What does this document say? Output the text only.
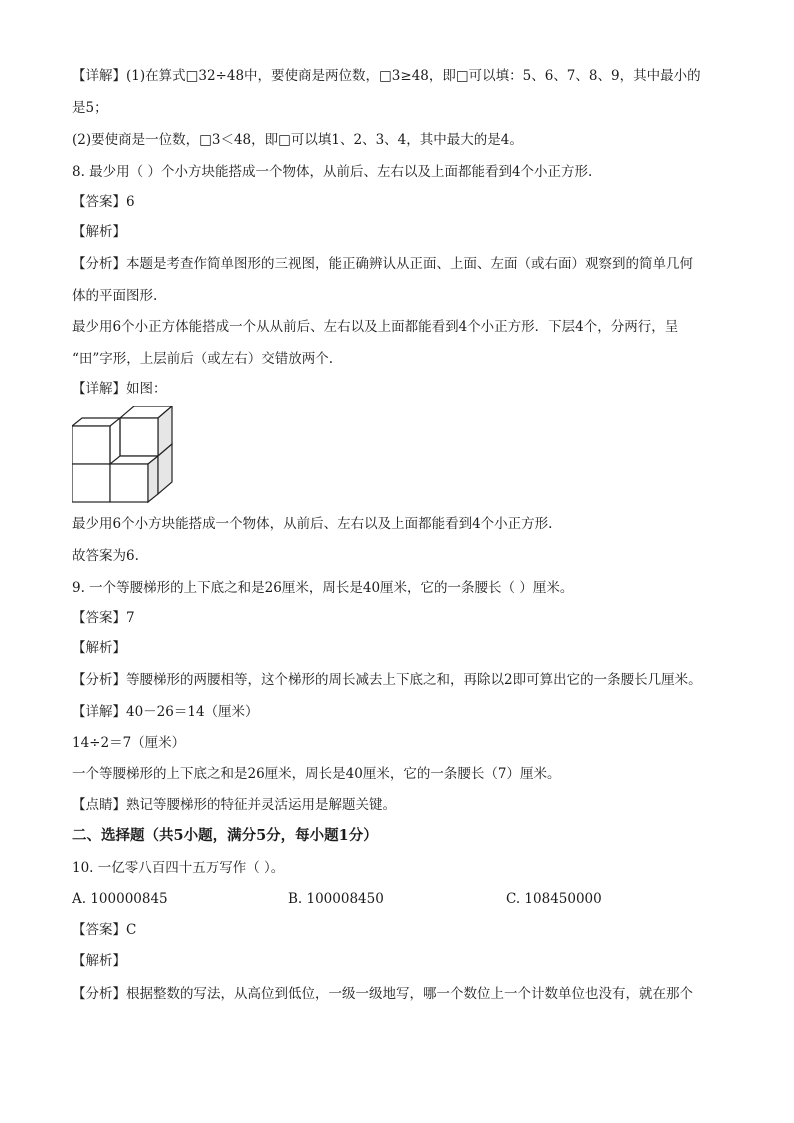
【详解】(1)在算式□32÷48中，要使商是两位数，□3≥48，即□可以填：5、6、7、8、9，其中最小的
是5；
(2)要使商是一位数，□3＜48，即□可以填1、2、3、4，其中最大的是4。
8. 最少用（ ）个小方块能搭成一个物体，从前后、左右以及上面都能看到4个小正方形.
【答案】6
【解析】
【分析】本题是考查作简单图形的三视图，能正确辨认从正面、上面、左面（或右面）观察到的简单几何
体的平面图形.
最少用6个小正方体能搭成一个从从前后、左右以及上面都能看到4个小正方形．下层4个，分两行，呈
“田”字形，上层前后（或左右）交错放两个.
【详解】如图：
最少用6个小方块能搭成一个物体，从前后、左右以及上面都能看到4个小正方形.
故答案为6.
9. 一个等腰梯形的上下底之和是26厘米，周长是40厘米，它的一条腰长（ ）厘米。
【答案】7
【解析】
【分析】等腰梯形的两腰相等，这个梯形的周长减去上下底之和，再除以2即可算出它的一条腰长几厘米。
【详解】40－26＝14（厘米）
14÷2＝7（厘米）
一个等腰梯形的上下底之和是26厘米，周长是40厘米，它的一条腰长（7）厘米。
【点睛】熟记等腰梯形的特征并灵活运用是解题关键。
二、选择题（共5小题，满分5分，每小题1分）
10. 一亿零八百四十五万写作（ ）。
A. 100000845	B. 100008450	C. 108450000
【答案】C
【解析】
【分析】根据整数的写法，从高位到低位，一级一级地写，哪一个数位上一个计数单位也没有，就在那个
